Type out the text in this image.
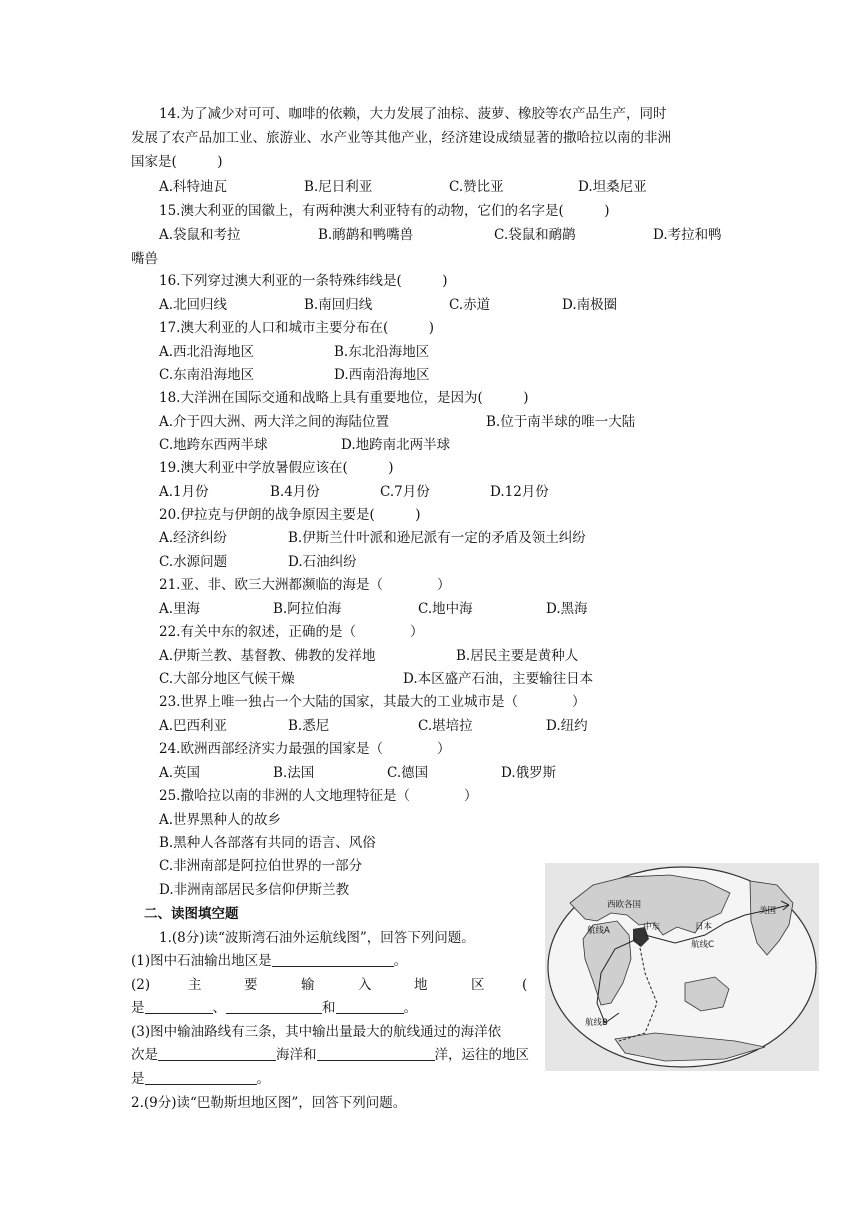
14.为了减少对可可、咖啡的依赖，大力发展了油棕、菠萝、橡胶等农产品生产，同时
发展了农产品加工业、旅游业、水产业等其他产业，经济建设成绩显著的撒哈拉以南的非洲
国家是(　　　)
A.科特迪瓦	B.尼日利亚	C.赞比亚	D.坦桑尼亚
15.澳大利亚的国徽上，有两种澳大利亚特有的动物，它们的名字是(　　　)
A.袋鼠和考拉	B.鸸鹋和鸭嘴兽	C.袋鼠和鸸鹋	D.考拉和鸭
嘴兽
16.下列穿过澳大利亚的一条特殊纬线是(　　　)
A.北回归线	B.南回归线	C.赤道	D.南极圈
17.澳大利亚的人口和城市主要分布在(　　　)
A.西北沿海地区	B.东北沿海地区
C.东南沿海地区	D.西南沿海地区
18.大洋洲在国际交通和战略上具有重要地位，是因为(　　　)
A.介于四大洲、两大洋之间的海陆位置	B.位于南半球的唯一大陆
C.地跨东西两半球	D.地跨南北两半球
19.澳大利亚中学放暑假应该在(　　　)
A.1月份	B.4月份	C.7月份	D.12月份
20.伊拉克与伊朗的战争原因主要是(　　　)
A.经济纠纷	B.伊斯兰什叶派和逊尼派有一定的矛盾及领土纠纷
C.水源问题	D.石油纠纷
21.亚、非、欧三大洲都濒临的海是（　　　　）
A.里海	B.阿拉伯海	C.地中海	D.黑海
22.有关中东的叙述，正确的是（　　　　）
A.伊斯兰教、基督教、佛教的发祥地	B.居民主要是黄种人
C.大部分地区气候干燥	D.本区盛产石油，主要输往日本
23.世界上唯一独占一个大陆的国家，其最大的工业城市是（　　　　）
A.巴西利亚	B.悉尼	C.堪培拉	D.纽约
24.欧洲西部经济实力最强的国家是（　　　　）
A.英国	B.法国	C.德国	D.俄罗斯
25.撒哈拉以南的非洲的人文地理特征是（　　　　）
A.世界黑种人的故乡
B.黑种人各部落有共同的语言、风俗
C.非洲南部是阿拉伯世界的一部分
D.非洲南部居民多信仰伊斯兰教
二、读图填空题
1.(8分)读“波斯湾石油外运航线图”，回答下列问题。
(1)图中石油输出地区是	。
(2)	主	要	输	入	地	区	(
是	、	和	。
(3)图中输油路线有三条，其中输出量最大的航线通过的海洋依
次是	海洋和	洋，运往的地区
是	。
2.(9分)读“巴勒斯坦地区图”，回答下列问题。
西欧各国
中东	日本
美国
航线A
航线B
航线C
